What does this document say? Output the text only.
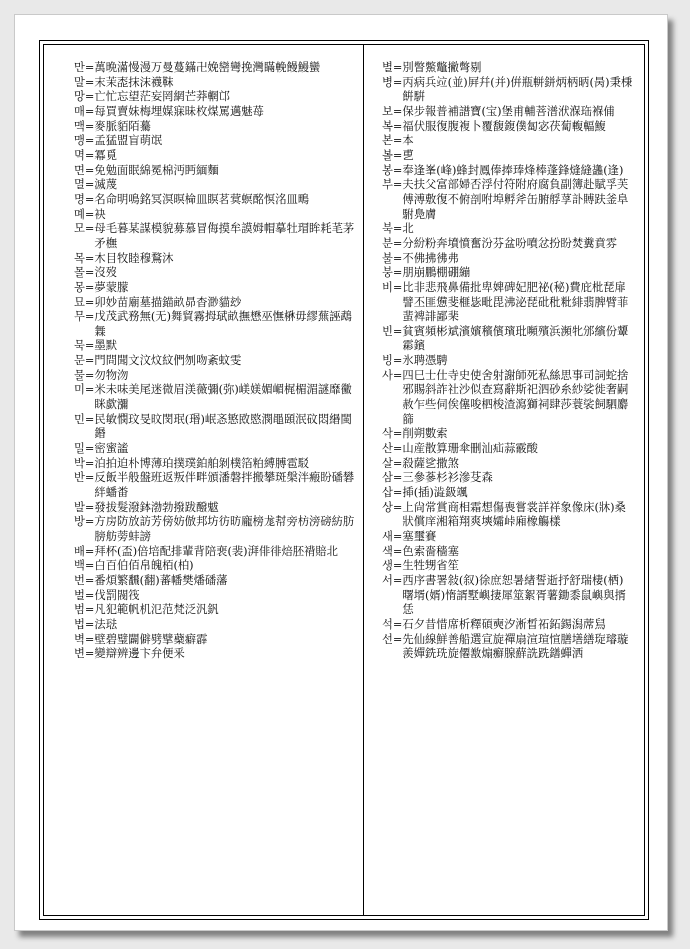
만 = 萬晩滿慢漫万曼蔓鏋卍娩巒彎挽灣瞞輓饅鰻蠻
말 = 末茉唜抹沫襪靺
망 = 亡忙忘望茫妄罔網芒莽輞邙
매 = 每買賣妹梅埋媒寐昧枚煤罵邁魅苺
맥 = 麥脈貊陌驀
맹 = 孟猛盟盲萌氓
멱 = 冪覓
면 = 免勉面眠綿冕棉沔眄緬麵
멸 = 滅蔑
명 = 名命明鳴銘冥溟暝椧皿瞑茗蓂螟酩慏洺皿鴫
몌 = 袂
모 = 母毛暮某謀模貌募慕冒侮摸牟謨姆帽摹牡瑁眸耗芼茅矛橅
목 = 木目牧睦穆鶩沐
몰 = 沒歿
몽 = 夢蒙朦
묘 = 卯妙苗廟墓描錨畝昴杳渺貓玅
무 = 戊茂武務無(无)舞貿霧拇珷畝撫懋巫憮楙毋繆蕪誣鵡橆
묵 = 墨默
문 = 門問聞文汶炆紋們刎吻紊蚊雯
물 = 勿物沕
미 = 米未味美尾迷微眉渼薇彌(弥)嵄媄媚嵋梶楣湄謎靡黴眯歔瀰
민 = 民敏憫玟旻旼閔珉(瑉)岷忞慜敃愍潣黽頣泯砇悶緡閩鍲
밀 = 密蜜謐
박 = 泊拍迫朴博薄珀撲璞鉑舶剝樸箔粕縛膊雹駁
반 = 反飯半般盤班返叛伴畔頒潘磐拌搬攀斑槃泮瘢盼磻礬絆蟠畨
발 = 發拔髮潑鉢渤勃撥跋醱魃
방 = 方房防放訪芳傍妨倣邦坊彷昉龐榜尨幇旁枋滂磅紡肪膀舫蒡蚌謗
배 = 拜杯(盃)倍培配排輩背陪裵(裴)湃俳徘焙胚褙賠北
백 = 白百伯佰帛魄栢(柏)
번 = 番煩繁飜(翻)蕃幡樊燔磻藩
벌 = 伐罰閥筏
범 = 凡犯範帆机氾范梵泛汎釩
법 = 法琺
벽 = 壁碧璧闢僻劈擘蘗癖霹
변 = 變辯辨邊卞弁便釆
별 = 別瞥鱉鼈撇彆剔
병 = 丙病兵竝(並)屛幷(并)倂瓶軿鉼炳柄昞(昺)秉棅餠騈
보 = 保步報普補譜寶(宝)堡甫輔菩潽洑湺珤褓俌
복 = 福伏服復腹複卜覆馥鍑僕匐宓茯蔔輹輻鰒
본 = 本
볼 = 乶
봉 = 奉逢峯(峰)蜂封鳳俸捧琫烽棒蓬鋒熢縫蠭(逢)
부 = 夫扶父富部婦否浮付符附府腐負副簿赴賦孚芙傅溥敷復不俯剖咐埠孵斧缶腑艀莩訃賻趺釜阜駙鳧膚
북 = 北
분 = 分紛粉奔墳憤奮汾芬盆吩噴忿扮盼焚糞賁雰
불 = 不佛拂彿弗
붕 = 朋崩鵬棚硼繃
비 = 比非悲飛鼻備批卑婢碑妃肥祕(秘)費庇枇琵扉譬丕匪憊斐榧毖毗毘沸泌琵砒秕粃緋翡脾臂菲蜚裨誹鄙棐
빈 = 貧賓頻彬斌濱嬪穦儐璸玭嚬殯浜瀕牝邠繽份顰霦鑌
빙 = 氷聘憑騁
사 = 四巳士仕寺史使舍射謝師死私絲思事司詞蛇捨邪賜斜詐社沙似查寫辭斯祀泗砂糸紗娑徙奢嗣赦乍些伺俟僿唆柶梭渣瀉獅祠肆莎蓑裟飼駟麝篩
삭 = 削朔數索
산 = 山産散算珊傘刪汕疝蒜霰酸
살 = 殺薩乷撒煞
삼 = 三參蔘杉衫滲芟森
삽 = 揷(插)澁鈒颯
상 = 上尙常賞商相霜想傷喪嘗裳詳祥象像床(牀)桑狀償庠湘箱翔爽塽孀峠廂橡觴樣
새 = 塞璽賽
색 = 色索嗇穡塞
생 = 生牲甥省笙
서 = 西序書署敍(叙)徐庶恕暑緖誓逝抒舒瑞棲(栖)曙壻(婿)惰諝墅嶼捿犀筮絮胥薯鋤黍鼠嶼與揟恁
석 = 石夕昔惜席析釋碩奭汐淅晳祏鉐錫潟蓆舃
선 = 先仙線鮮善船選宣旋禪扇渲瑄愃膳墡繕琁璿璇羨嬋銑珗旋僊敾煽癬腺蘚詵跣鐥蟬洒
